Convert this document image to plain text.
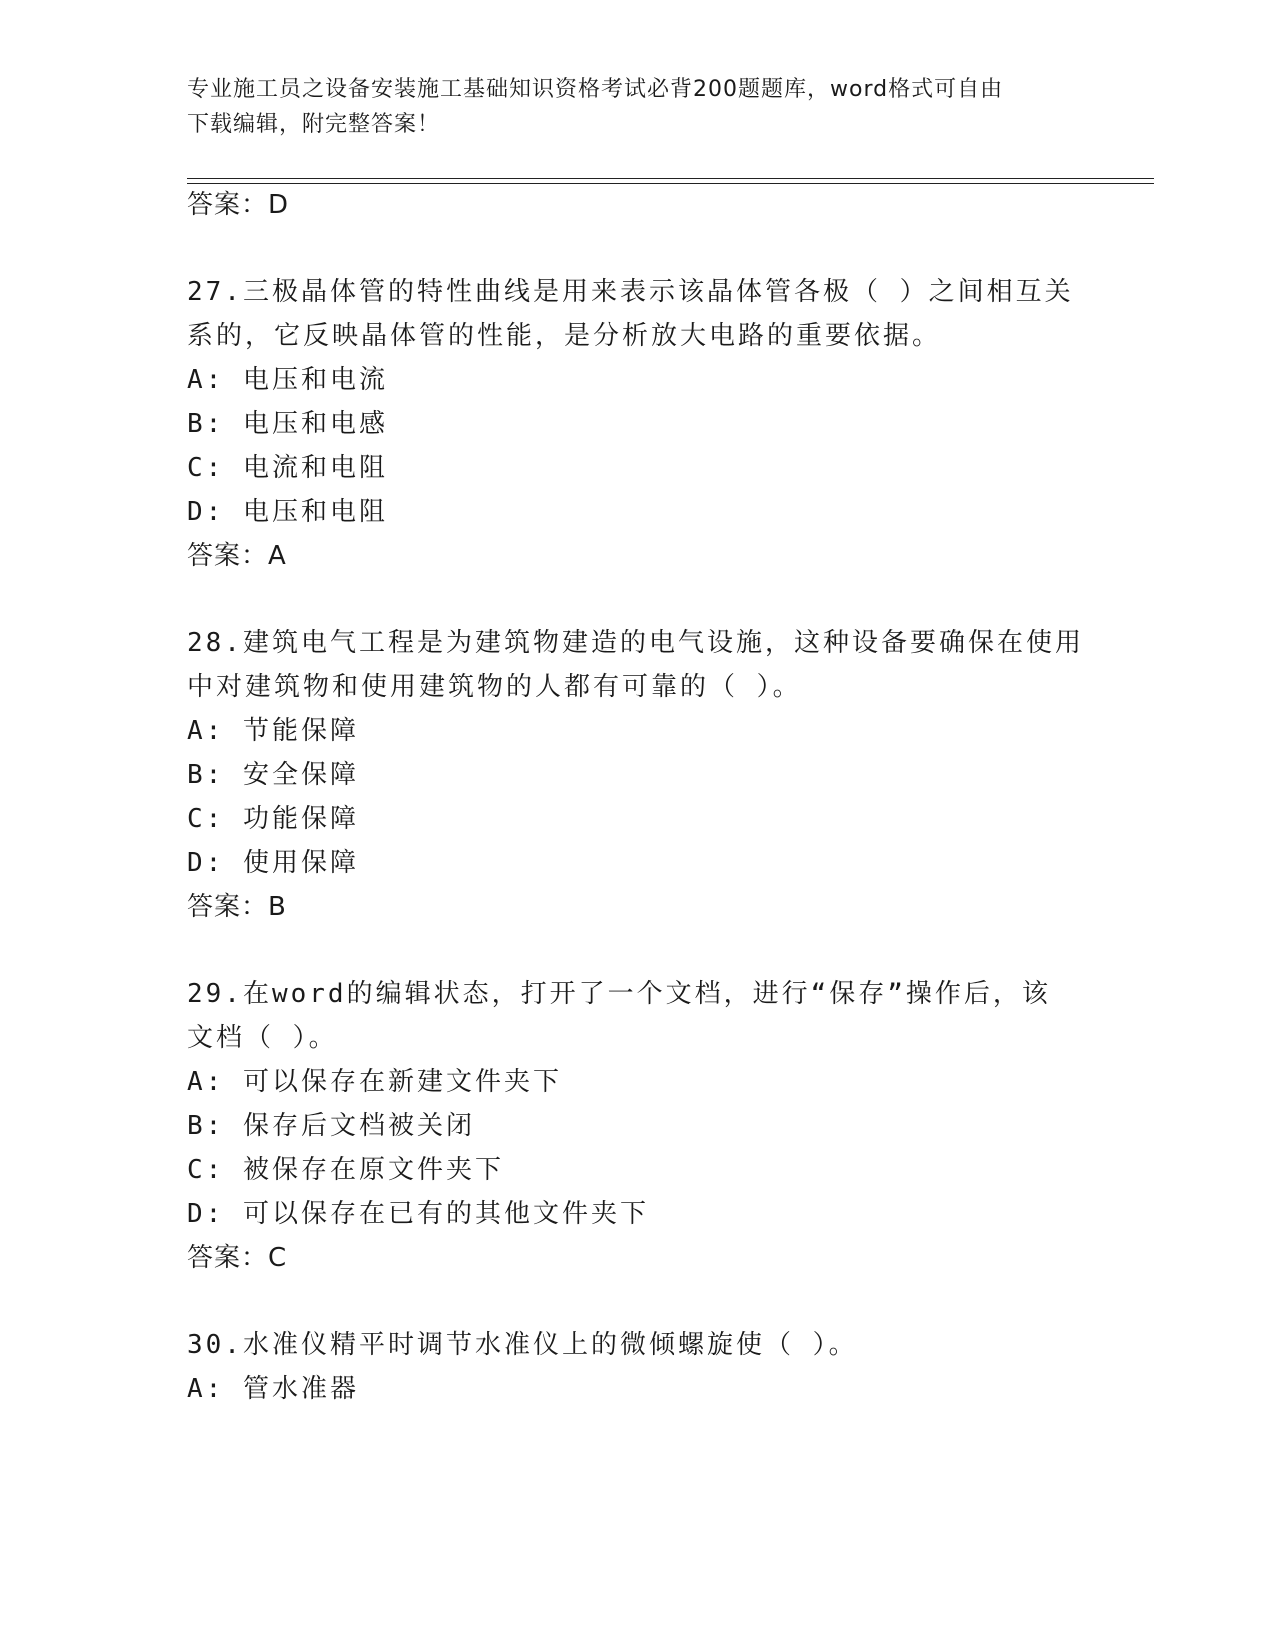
专业施工员之设备安装施工基础知识资格考试必背200题题库，word格式可自由
下载编辑，附完整答案！
答案：D
27.三极晶体管的特性曲线是用来表示该晶体管各极（ ）之间相互关
系的，它反映晶体管的性能，是分析放大电路的重要依据。
A: 电压和电流
B: 电压和电感
C: 电流和电阻
D: 电压和电阻
答案：A
28.建筑电气工程是为建筑物建造的电气设施，这种设备要确保在使用
中对建筑物和使用建筑物的人都有可靠的（ ）。
A: 节能保障
B: 安全保障
C: 功能保障
D: 使用保障
答案：B
29.在word的编辑状态，打开了一个文档，进行“保存”操作后，该
文档（ ）。
A: 可以保存在新建文件夹下
B: 保存后文档被关闭
C: 被保存在原文件夹下
D: 可以保存在已有的其他文件夹下
答案：C
30.水准仪精平时调节水准仪上的微倾螺旋使（ ）。
A: 管水准器
